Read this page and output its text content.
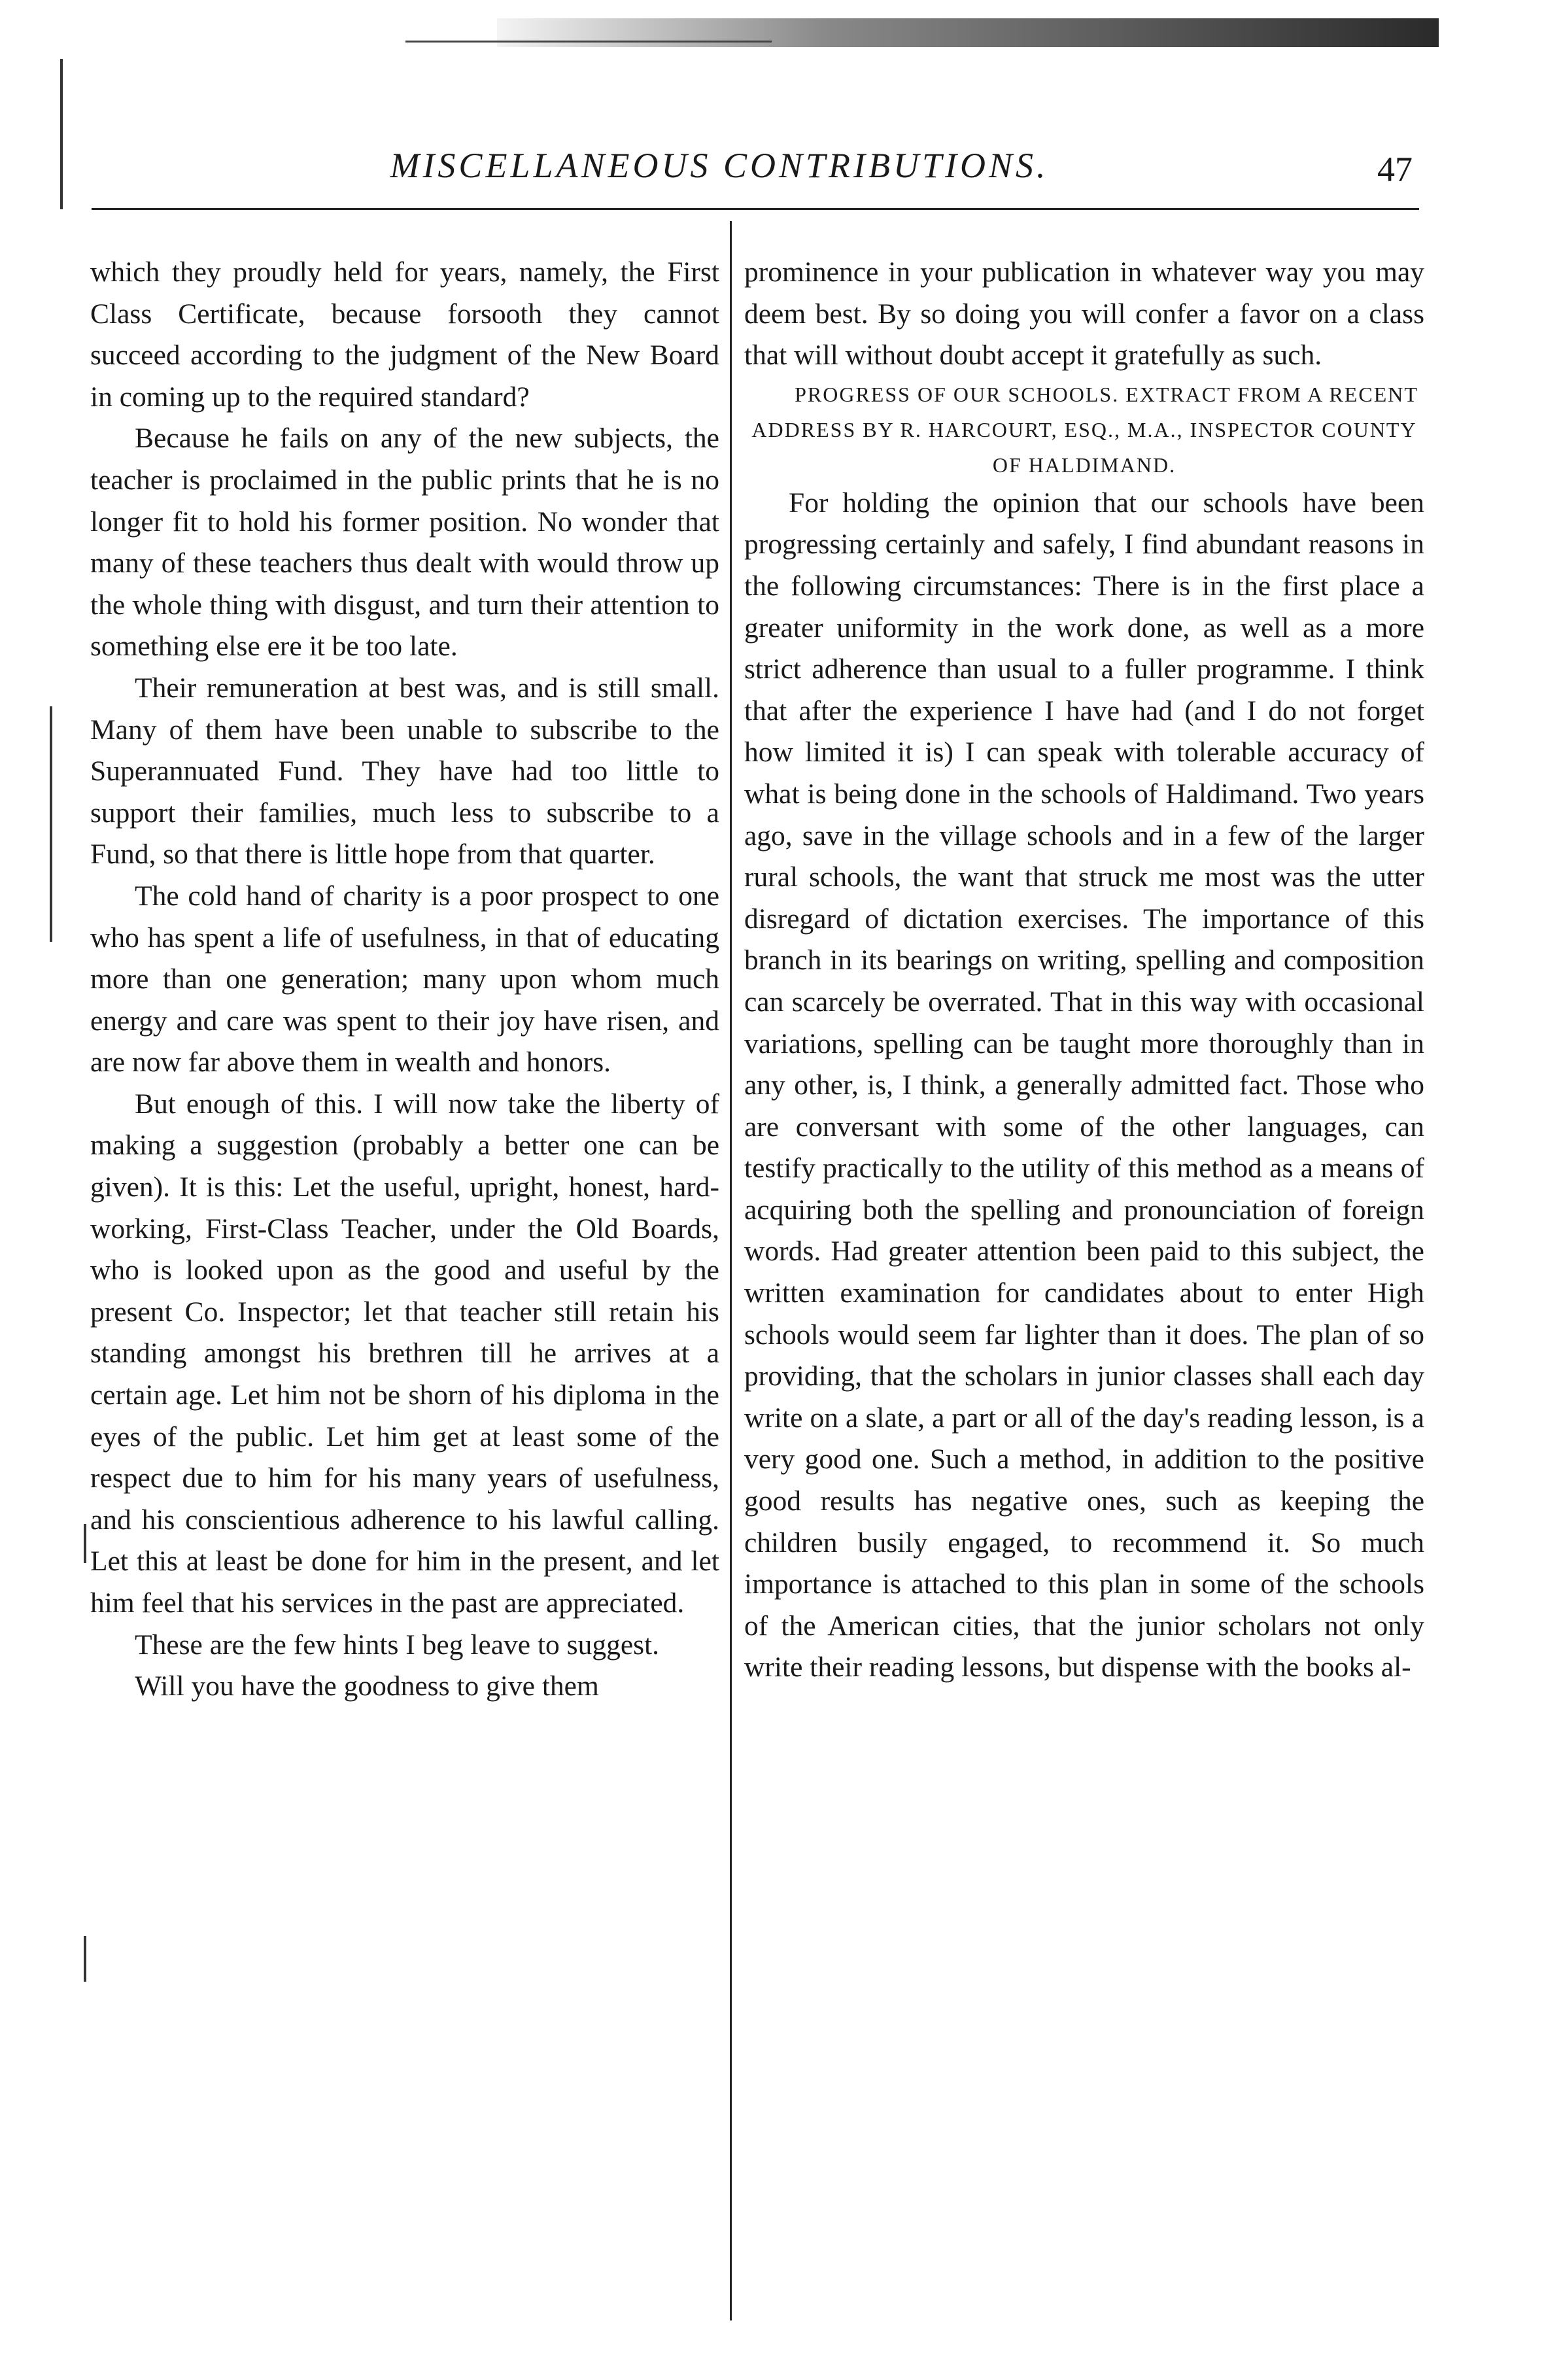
MISCELLANEOUS CONTRIBUTIONS.	47

which they proudly held for years, namely, the First Class Certificate, because forsooth they cannot succeed according to the judgment of the New Board in coming up to the required standard?

Because he fails on any of the new subjects, the teacher is proclaimed in the public prints that he is no longer fit to hold his former position. No wonder that many of these teachers thus dealt with would throw up the whole thing with disgust, and turn their attention to something else ere it be too late.

Their remuneration at best was, and is still small. Many of them have been unable to subscribe to the Superannuated Fund. They have had too little to support their families, much less to subscribe to a Fund, so that there is little hope from that quarter.

The cold hand of charity is a poor prospect to one who has spent a life of usefulness, in that of educating more than one generation; many upon whom much energy and care was spent to their joy have risen, and are now far above them in wealth and honors.

But enough of this. I will now take the liberty of making a suggestion (probably a better one can be given). It is this: Let the useful, upright, honest, hard-working, First-Class Teacher, under the Old Boards, who is looked upon as the good and useful by the present Co. Inspector; let that teacher still retain his standing amongst his brethren till he arrives at a certain age. Let him not be shorn of his diploma in the eyes of the public. Let him get at least some of the respect due to him for his many years of usefulness, and his conscientious adherence to his lawful calling. Let this at least be done for him in the present, and let him feel that his services in the past are appreciated.

These are the few hints I beg leave to suggest.

Will you have the goodness to give them

prominence in your publication in whatever way you may deem best. By so doing you will confer a favor on a class that will without doubt accept it gratefully as such.

PROGRESS OF OUR SCHOOLS. EXTRACT FROM A RECENT ADDRESS BY R. HARCOURT, ESQ., M.A., INSPECTOR COUNTY OF HALDIMAND.

For holding the opinion that our schools have been progressing certainly and safely, I find abundant reasons in the following circumstances: There is in the first place a greater uniformity in the work done, as well as a more strict adherence than usual to a fuller programme. I think that after the experience I have had (and I do not forget how limited it is) I can speak with tolerable accuracy of what is being done in the schools of Haldimand. Two years ago, save in the village schools and in a few of the larger rural schools, the want that struck me most was the utter disregard of dictation exercises. The importance of this branch in its bearings on writing, spelling and composition can scarcely be overrated. That in this way with occasional variations, spelling can be taught more thoroughly than in any other, is, I think, a generally admitted fact. Those who are conversant with some of the other languages, can testify practically to the utility of this method as a means of acquiring both the spelling and pronounciation of foreign words. Had greater attention been paid to this subject, the written examination for candidates about to enter High schools would seem far lighter than it does. The plan of so providing, that the scholars in junior classes shall each day write on a slate, a part or all of the day's reading lesson, is a very good one. Such a method, in addition to the positive good results has negative ones, such as keeping the children busily engaged, to recommend it. So much importance is attached to this plan in some of the schools of the American cities, that the junior scholars not only write their reading lessons, but dispense with the books al-
